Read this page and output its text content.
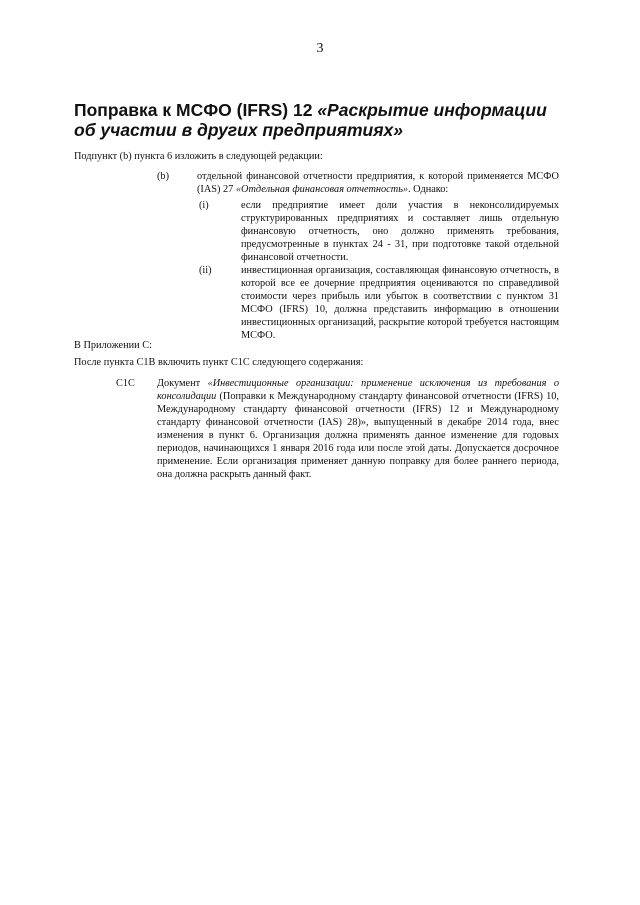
3
Поправка к МСФО (IFRS) 12 «Раскрытие информации об участии в других предприятиях»
Подпункт (b) пункта 6 изложить в следующей редакции:
(b)	отдельной финансовой отчетности предприятия, к которой применяется МСФО (IAS) 27 «Отдельная финансовая отчетность». Однако:
(i)	если предприятие имеет доли участия в неконсолидируемых структурированных предприятиях и составляет лишь отдельную финансовую отчетность, оно должно применять требования, предусмотренные в пунктах 24 - 31, при подготовке такой отдельной финансовой отчетности.
(ii)	инвестиционная организация, составляющая финансовую отчетность, в которой все ее дочерние предприятия оцениваются по справедливой стоимости через прибыль или убыток в соответствии с пунктом 31 МСФО (IFRS) 10, должна представить информацию в отношении инвестиционных организаций, раскрытие которой требуется настоящим МСФО.
В Приложении С:
После пункта С1В включить пункт С1С следующего содержания:
С1С Документ «Инвестиционные организации: применение исключения из требования о консолидации (Поправки к Международному стандарту финансовой отчетности (IFRS) 10, Международному стандарту финансовой отчетности (IFRS) 12 и Международному стандарту финансовой отчетности (IAS) 28)», выпущенный в декабре 2014 года, внес изменения в пункт 6. Организация должна применять данное изменение для годовых периодов, начинающихся 1 января 2016 года или после этой даты. Допускается досрочное применение. Если организация применяет данную поправку для более раннего периода, она должна раскрыть данный факт.
